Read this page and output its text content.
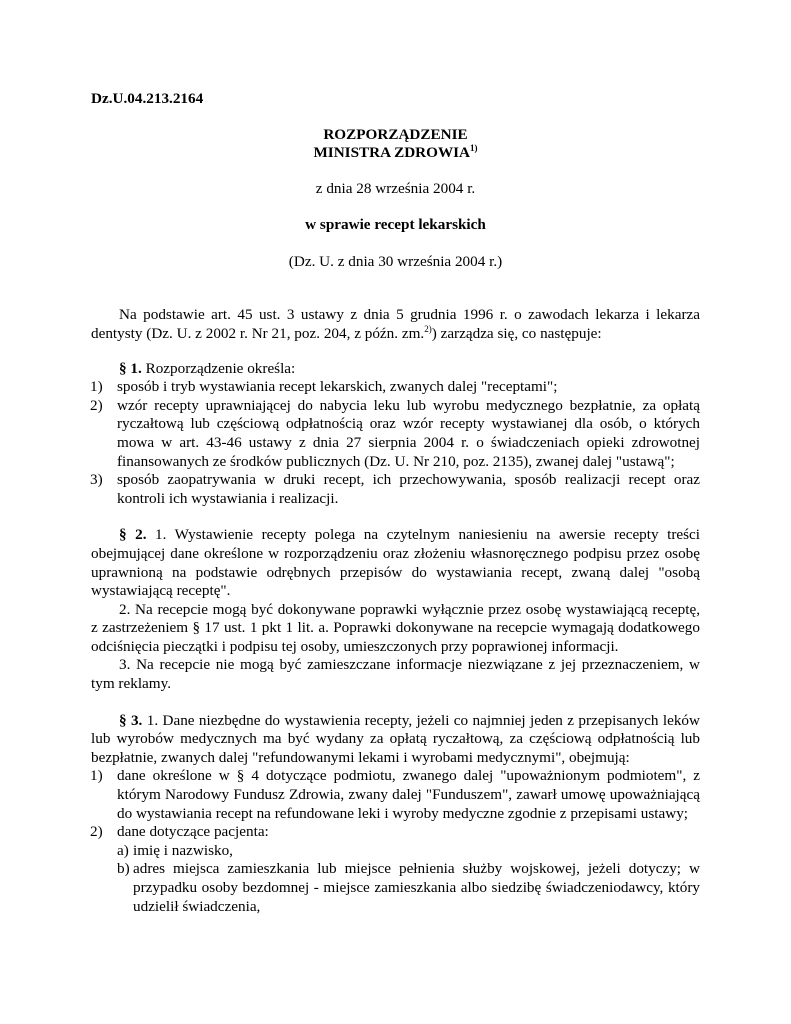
Dz.U.04.213.2164

ROZPORZĄDZENIE
MINISTRA ZDROWIA$^{1)}$
z dnia 28 września 2004 r.
w sprawie recept lekarskich
(Dz. U. z dnia 30 września 2004 r.)

Na podstawie art. 45 ust. 3 ustawy z dnia 5 grudnia 1996 r. o zawodach lekarza i lekarza dentysty (Dz. U. z 2002 r. Nr 21, poz. 204, z późn. zm.$^{2)}$) zarządza się, co następuje:

§ 1. Rozporządzenie określa:

1) sposób i tryb wystawiania recept lekarskich, zwanych dalej "receptami";
2) wzór recepty uprawniającej do nabycia leku lub wyrobu medycznego bezpłatnie, za opłatą ryczałtową lub częściową odpłatnością oraz wzór recepty wystawianej dla osób, o których mowa w art. 43-46 ustawy z dnia 27 sierpnia 2004 r. o świadczeniach opieki zdrowotnej finansowanych ze środków publicznych (Dz. U. Nr 210, poz. 2135), zwanej dalej "ustawą";
3) sposób zaopatrywania w druki recept, ich przechowywania, sposób realizacji recept oraz kontroli ich wystawiania i realizacji.

§ 2. 1. Wystawienie recepty polega na czytelnym naniesieniu na awersie recepty treści obejmującej dane określone w rozporządzeniu oraz złożeniu własnoręcznego podpisu przez osobę uprawnioną na podstawie odrębnych przepisów do wystawiania recept, zwaną dalej "osobą wystawiającą receptę".

2. Na recepcie mogą być dokonywane poprawki wyłącznie przez osobę wystawiającą receptę, z zastrzeżeniem § 17 ust. 1 pkt 1 lit. a. Poprawki dokonywane na recepcie wymagają dodatkowego odciśnięcia pieczątki i podpisu tej osoby, umieszczonych przy poprawionej informacji.

3. Na recepcie nie mogą być zamieszczane informacje niezwiązane z jej przeznaczeniem, w tym reklamy.

§ 3. 1. Dane niezbędne do wystawienia recepty, jeżeli co najmniej jeden z przepisanych leków lub wyrobów medycznych ma być wydany za opłatą ryczałtową, za częściową odpłatnością lub bezpłatnie, zwanych dalej "refundowanymi lekami i wyrobami medycznymi", obejmują:

1) dane określone w § 4 dotyczące podmiotu, zwanego dalej "upoważnionym podmiotem", z którym Narodowy Fundusz Zdrowia, zwany dalej "Funduszem", zawarł umowę upoważniającą do wystawiania recept na refundowane leki i wyroby medyczne zgodnie z przepisami ustawy;
2) dane dotyczące pacjenta:
a) imię i nazwisko,
b) adres miejsca zamieszkania lub miejsce pełnienia służby wojskowej, jeżeli dotyczy; w przypadku osoby bezdomnej - miejsce zamieszkania albo siedzibę świadczeniodawcy, który udzielił świadczenia,
